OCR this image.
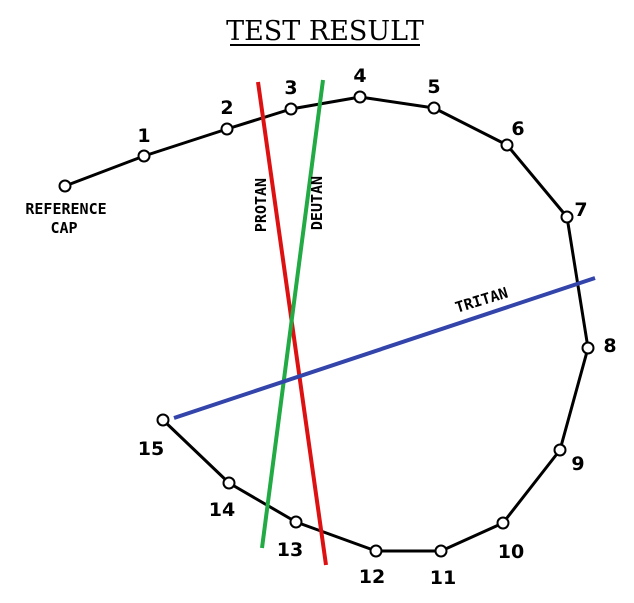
TEST RESULT
PROTAN	DEUTAN
TRITAN
REFERENCE
CAP
1
2
3
4	5
6
7
8
9
10
11
12
13
14
15
